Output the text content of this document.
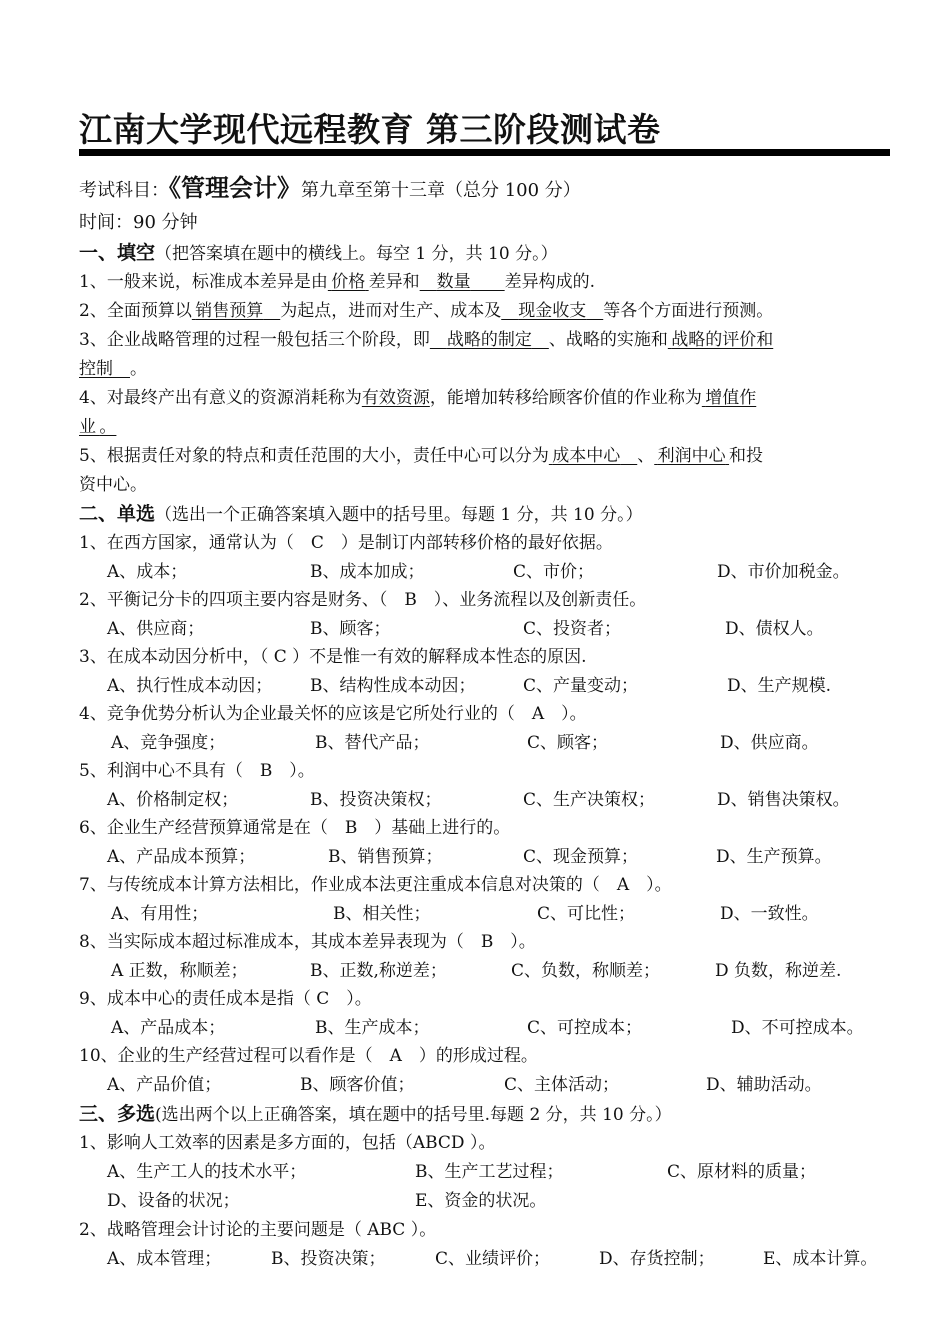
江南大学现代远程教育 第三阶段测试卷
考试科目：《管理会计》第九章至第十三章（总分 100 分）
时间：90 分钟
一、填空（把答案填在题中的横线上。每空 1 分，共 10 分。）
1、一般来说，标准成本差异是由  价格  差异和  数量   差异构成的.
2、全面预算以  销售预算  为起点，进而对生产、成本及  现金收支  等各个方面进行预测。
3、企业战略管理的过程一般包括三个阶段，即  战略的制定  、战略的实施和  战略的评价和
控制  。
4、对最终产出有意义的资源消耗称为有效资源，能增加转移给顾客价值的作业称为  增值作
业  。
5、根据责任对象的特点和责任范围的大小，责任中心可以分为  成本中心  、  利润中心  和投
资中心。
二、单选（选出一个正确答案填入题中的括号里。每题 1 分，共 10 分。）
1、在西方国家，通常认为（　C　）是制订内部转移价格的最好依据。
A、成本；	B、成本加成；	C、市价；	D、市价加税金。
2、平衡记分卡的四项主要内容是财务、（　B　）、业务流程以及创新责任。
A、供应商；	B、顾客；	C、投资者；	D、债权人。
3、在成本动因分析中，（ C ）不是惟一有效的解释成本性态的原因.
A、执行性成本动因； B、结构性成本动因；	C、产量变动；	D、生产规模.
4、竞争优势分析认为企业最关怀的应该是它所处行业的（　A　）。
A、竞争强度；	B、替代产品；	C、顾客；	D、供应商。
5、利润中心不具有（　B　）。
A、价格制定权；	B、投资决策权；	C、生产决策权；	D、销售决策权。
6、企业生产经营预算通常是在（　B　）基础上进行的。
A、产品成本预算；	B、销售预算；	C、现金预算；	D、生产预算。
7、与传统成本计算方法相比，作业成本法更注重成本信息对决策的（　A　）。
A、有用性；	B、相关性；	C、可比性；	D、一致性。
8、当实际成本超过标准成本，其成本差异表现为（　B　）。
A 正数，称顺差；	B、正数,称逆差；	C、负数，称顺差；	D 负数，称逆差.
9、成本中心的责任成本是指（ C　）。
A、产品成本；	B、生产成本；	C、可控成本；	D、不可控成本。
10、企业的生产经营过程可以看作是（　A　）的形成过程。
A、产品价值；	B、顾客价值；	C、主体活动；	D、辅助活动。
三、多选(选出两个以上正确答案，填在题中的括号里.每题 2 分，共 10 分。）
1、影响人工效率的因素是多方面的，包括（ABCD ）。
A、生产工人的技术水平；	B、生产工艺过程；	C、原材料的质量；
D、设备的状况；	E、资金的状况。
2、战略管理会计讨论的主要问题是（ ABC ）。
A、成本管理；	B、投资决策；	C、业绩评价；	D、存货控制；	E、成本计算。
